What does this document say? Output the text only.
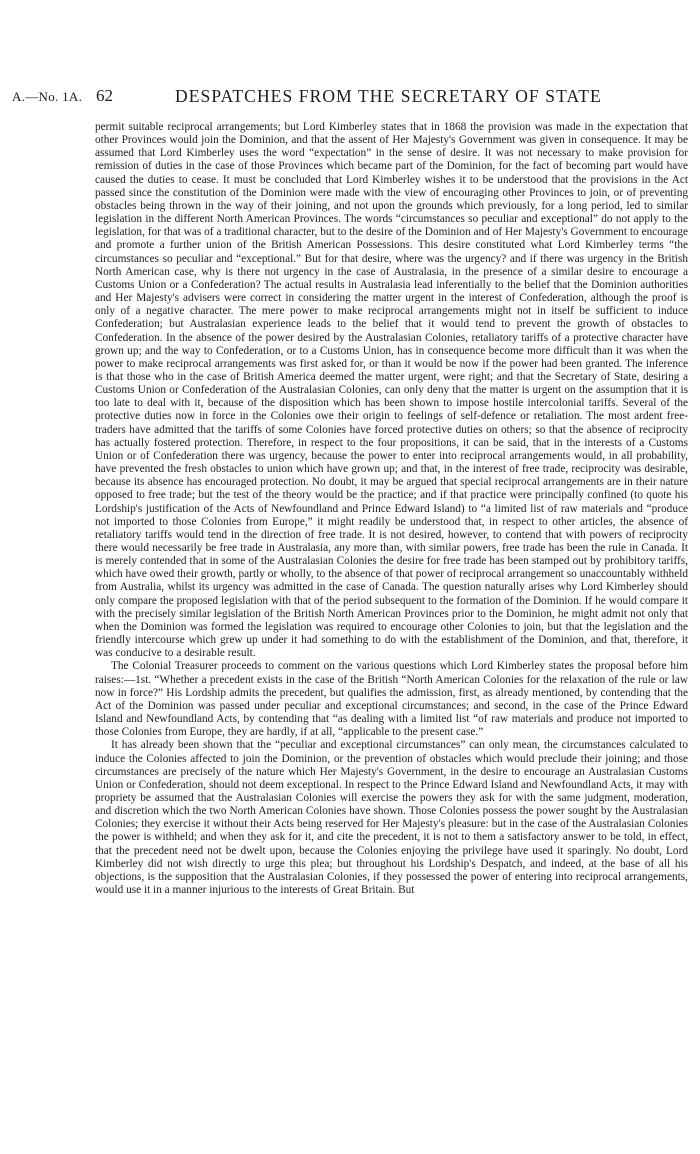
A.—No. 1A. 62	DESPATCHES FROM THE SECRETARY OF STATE

permit suitable reciprocal arrangements; but Lord Kimberley states that in 1868 the provision was made in the expectation that other Provinces would join the Dominion, and that the assent of Her Majesty's Government was given in consequence. It may be assumed that Lord Kimberley uses the word “expectation” in the sense of desire. It was not necessary to make provision for remission of duties in the case of those Provinces which became part of the Dominion, for the fact of becoming part would have caused the duties to cease. It must be concluded that Lord Kimberley wishes it to be understood that the provisions in the Act passed since the constitution of the Dominion were made with the view of encouraging other Provinces to join, or of preventing obstacles being thrown in the way of their joining, and not upon the grounds which previously, for a long period, led to similar legislation in the different North American Provinces. The words “circumstances so peculiar and exceptional” do not apply to the legislation, for that was of a traditional character, but to the desire of the Dominion and of Her Majesty's Government to encourage and promote a further union of the British American Possessions. This desire constituted what Lord Kimberley terms “the circumstances so peculiar and “exceptional.” But for that desire, where was the urgency? and if there was urgency in the British North American case, why is there not urgency in the case of Australasia, in the presence of a similar desire to encourage a Customs Union or a Confederation? The actual results in Australasia lead inferentially to the belief that the Dominion authorities and Her Majesty's advisers were correct in considering the matter urgent in the interest of Confederation, although the proof is only of a negative character. The mere power to make reciprocal arrangements might not in itself be sufficient to induce Confederation; but Australasian experience leads to the belief that it would tend to prevent the growth of obstacles to Confederation. In the absence of the power desired by the Australasian Colonies, retaliatory tariffs of a protective character have grown up; and the way to Confederation, or to a Customs Union, has in consequence become more difficult than it was when the power to make reciprocal arrangements was first asked for, or than it would be now if the power had been granted. The inference is that those who in the case of British America deemed the matter urgent, were right; and that the Secretary of State, desiring a Customs Union or Confederation of the Australasian Colonies, can only deny that the matter is urgent on the assumption that it is too late to deal with it, because of the disposition which has been shown to impose hostile intercolonial tariffs. Several of the protective duties now in force in the Colonies owe their origin to feelings of self-defence or retaliation. The most ardent free-traders have admitted that the tariffs of some Colonies have forced protective duties on others; so that the absence of reciprocity has actually fostered protection. Therefore, in respect to the four propositions, it can be said, that in the interests of a Customs Union or of Confederation there was urgency, because the power to enter into reciprocal arrangements would, in all probability, have prevented the fresh obstacles to union which have grown up; and that, in the interest of free trade, reciprocity was desirable, because its absence has encouraged protection. No doubt, it may be argued that special reciprocal arrangements are in their nature opposed to free trade; but the test of the theory would be the practice; and if that practice were principally confined (to quote his Lordship's justification of the Acts of Newfoundland and Prince Edward Island) to “a limited list of raw materials and “produce not imported to those Colonies from Europe,” it might readily be understood that, in respect to other articles, the absence of retaliatory tariffs would tend in the direction of free trade. It is not desired, however, to contend that with powers of reciprocity there would necessarily be free trade in Australasia, any more than, with similar powers, free trade has been the rule in Canada. It is merely contended that in some of the Australasian Colonies the desire for free trade has been stamped out by prohibitory tariffs, which have owed their growth, partly or wholly, to the absence of that power of reciprocal arrangement so unaccountably withheld from Australia, whilst its urgency was admitted in the case of Canada. The question naturally arises why Lord Kimberley should only compare the proposed legislation with that of the period subsequent to the formation of the Dominion. If he would compare it with the precisely similar legislation of the British North American Provinces prior to the Dominion, he might admit not only that when the Dominion was formed the legislation was required to encourage other Colonies to join, but that the legislation and the friendly intercourse which grew up under it had something to do with the establishment of the Dominion, and that, therefore, it was conducive to a desirable result.

The Colonial Treasurer proceeds to comment on the various questions which Lord Kimberley states the proposal before him raises:—1st. “Whether a precedent exists in the case of the British “North American Colonies for the relaxation of the rule or law now in force?” His Lordship admits the precedent, but qualifies the admission, first, as already mentioned, by contending that the Act of the Dominion was passed under peculiar and exceptional circumstances; and second, in the case of the Prince Edward Island and Newfoundland Acts, by contending that “as dealing with a limited list “of raw materials and produce not imported to those Colonies from Europe, they are hardly, if at all, “applicable to the present case.”

It has already been shown that the “peculiar and exceptional circumstances” can only mean, the circumstances calculated to induce the Colonies affected to join the Dominion, or the prevention of obstacles which would preclude their joining; and those circumstances are precisely of the nature which Her Majesty's Government, in the desire to encourage an Australasian Customs Union or Confederation, should not deem exceptional. In respect to the Prince Edward Island and Newfoundland Acts, it may with propriety be assumed that the Australasian Colonies will exercise the powers they ask for with the same judgment, moderation, and discretion which the two North American Colonies have shown. Those Colonies possess the power sought by the Australasian Colonies; they exercise it without their Acts being reserved for Her Majesty's pleasure: but in the case of the Australasian Colonies the power is withheld; and when they ask for it, and cite the precedent, it is not to them a satisfactory answer to be told, in effect, that the precedent need not be dwelt upon, because the Colonies enjoying the privilege have used it sparingly. No doubt, Lord Kimberley did not wish directly to urge this plea; but throughout his Lordship's Despatch, and indeed, at the base of all his objections, is the supposition that the Australasian Colonies, if they possessed the power of entering into reciprocal arrangements, would use it in a manner injurious to the interests of Great Britain. But
